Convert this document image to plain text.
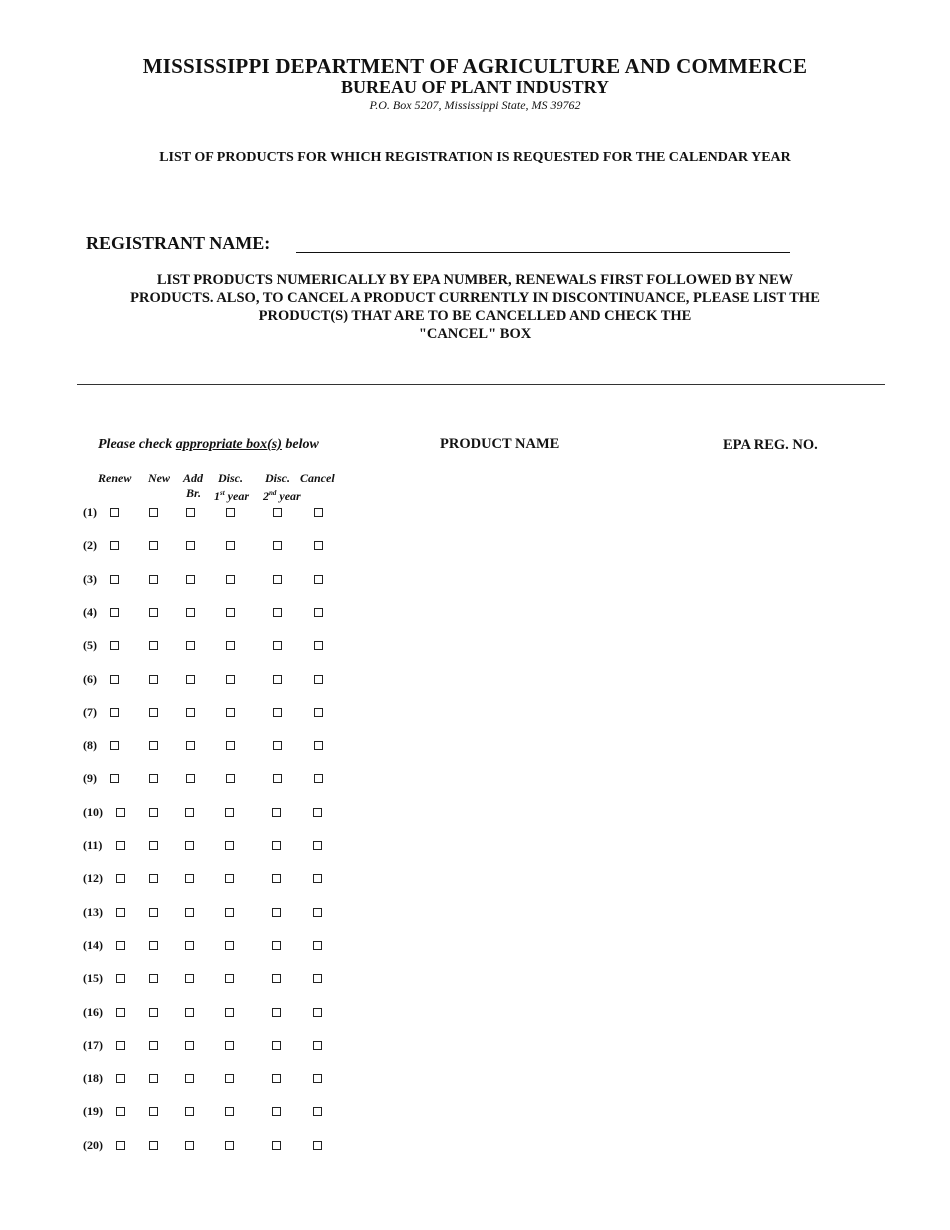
MISSISSIPPI DEPARTMENT OF AGRICULTURE AND COMMERCE
BUREAU OF PLANT INDUSTRY
P.O. Box 5207, Mississippi State, MS 39762
LIST OF PRODUCTS FOR WHICH REGISTRATION IS REQUESTED FOR THE CALENDAR YEAR
REGISTRANT NAME:
LIST PRODUCTS NUMERICALLY BY EPA NUMBER, RENEWALS FIRST FOLLOWED BY NEW
PRODUCTS. ALSO, TO CANCEL A PRODUCT CURRENTLY IN DISCONTINUANCE, PLEASE LIST THE
PRODUCT(S) THAT ARE TO BE CANCELLED AND CHECK THE
"CANCEL" BOX
Please check appropriate box(s) below	PRODUCT NAME	EPA REG. NO.
Renew New Add
Br.
Disc.
1st year
Disc.
2nd year
Cancel
(1)
(2)
(3)
(4)
(5)
(6)
(7)
(8)
(9)
(10)
(11)
(12)
(13)
(14)
(15)
(16)
(17)
(18)
(19)
(20)
